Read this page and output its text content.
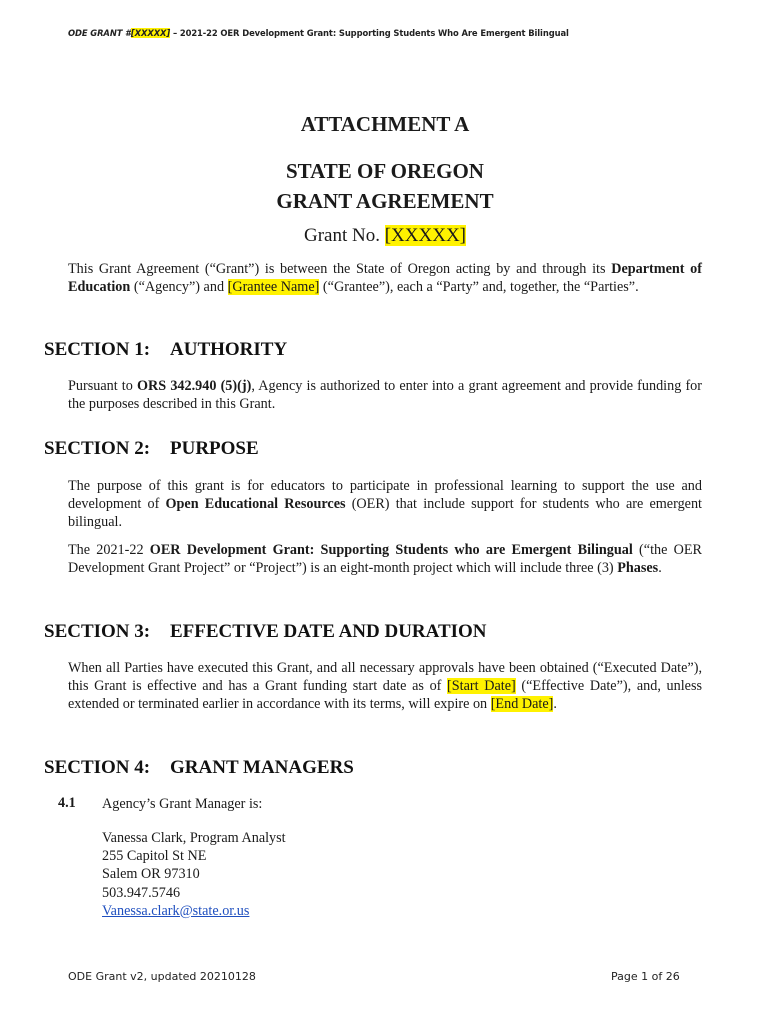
ODE GRANT #[XXXXX] – 2021-22 OER Development Grant: Supporting Students Who Are Emergent Bilingual
ATTACHMENT A
STATE OF OREGON
GRANT AGREEMENT
Grant No. [XXXXX]

This Grant Agreement (“Grant”) is between the State of Oregon acting by and through its Department of Education (“Agency”) and [Grantee Name] (“Grantee”), each a “Party” and, together, the “Parties”.

SECTION 1: AUTHORITY

Pursuant to ORS 342.940 (5)(j), Agency is authorized to enter into a grant agreement and provide funding for the purposes described in this Grant.

SECTION 2: PURPOSE

The purpose of this grant is for educators to participate in professional learning to support the use and development of Open Educational Resources (OER) that include support for students who are emergent bilingual.

The 2021-22 OER Development Grant: Supporting Students who are Emergent Bilingual (“the OER Development Grant Project” or “Project”) is an eight-month project which will include three (3) Phases.

SECTION 3: EFFECTIVE DATE AND DURATION

When all Parties have executed this Grant, and all necessary approvals have been obtained (“Executed Date”), this Grant is effective and has a Grant funding start date as of [Start Date] (“Effective Date”), and, unless extended or terminated earlier in accordance with its terms, will expire on [End Date].

SECTION 4: GRANT MANAGERS
4.1 Agency’s Grant Manager is:
Vanessa Clark, Program Analyst
255 Capitol St NE
Salem OR 97310
503.947.5746
Vanessa.clark@state.or.us
ODE Grant v2, updated 20210128	Page 1 of 26
